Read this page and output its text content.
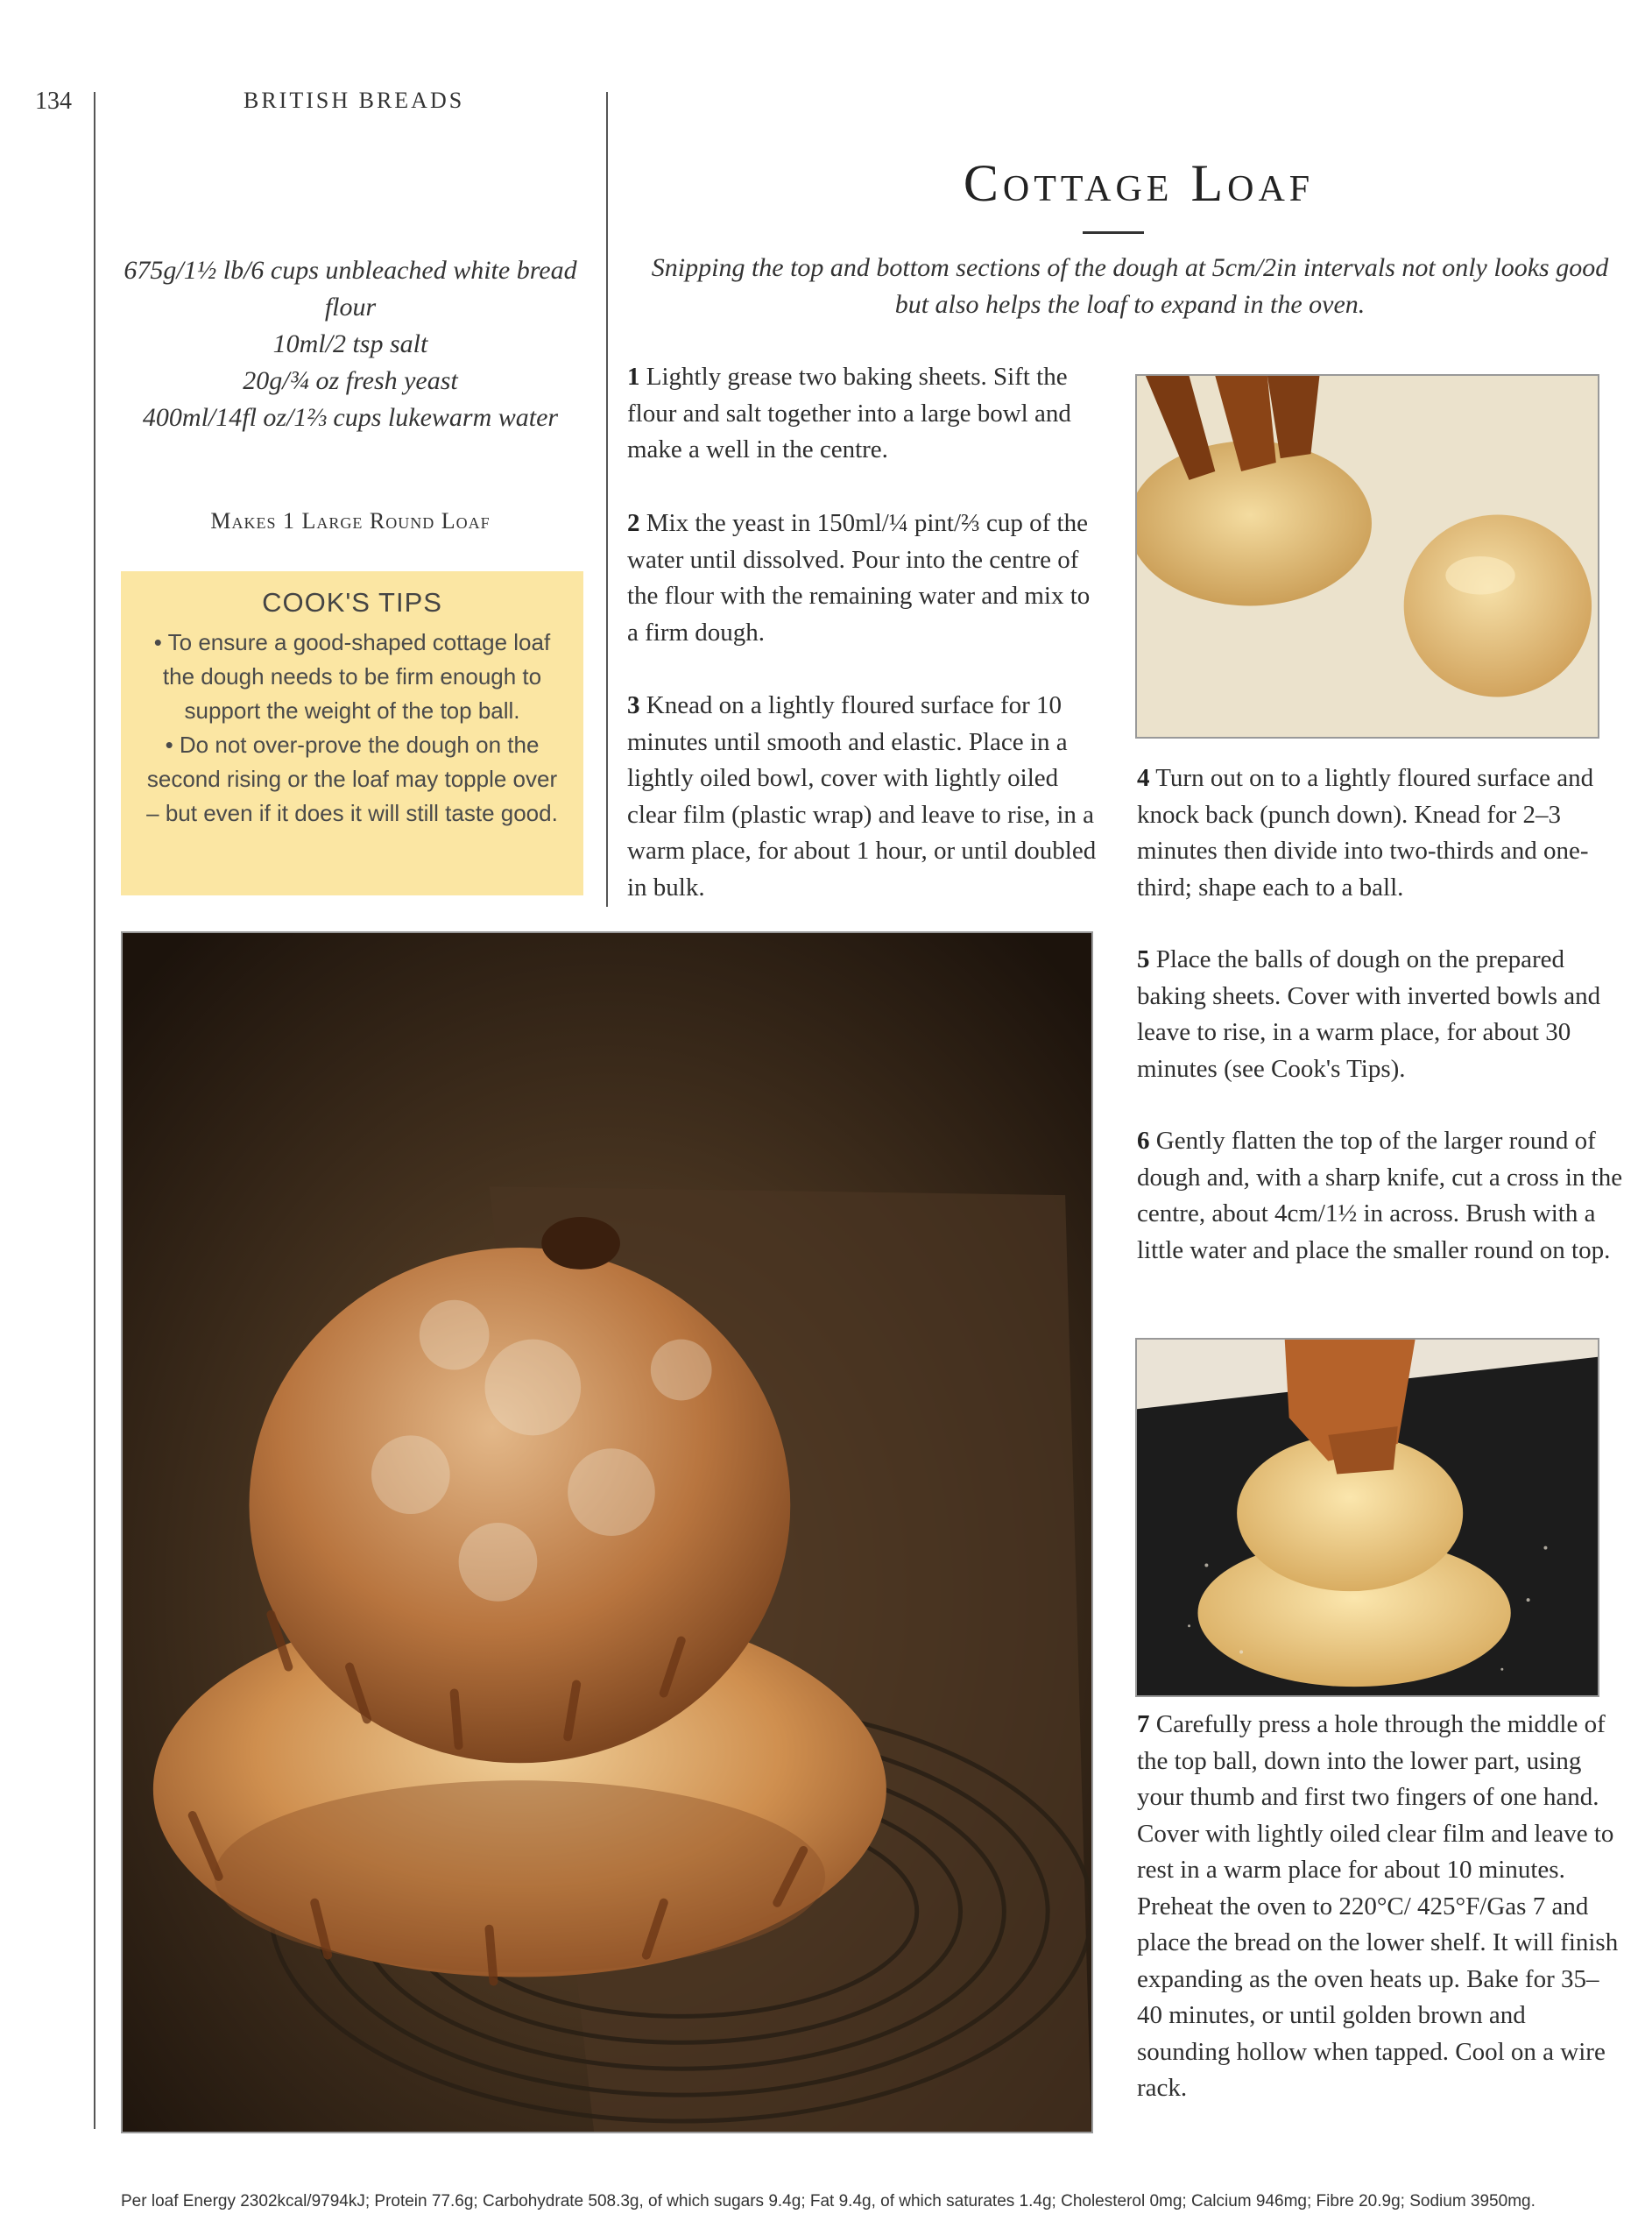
134	BRITISH BREADS
Cottage Loaf
Snipping the top and bottom sections of the dough at 5cm/2in intervals not only looks good but also helps the loaf to expand in the oven.
675g/1½ lb/6 cups unbleached white bread flour
10ml/2 tsp salt
20g/¾ oz fresh yeast
400ml/14fl oz/1⅔ cups lukewarm water
Makes 1 Large Round Loaf
COOK'S TIPS
• To ensure a good-shaped cottage loaf the dough needs to be firm enough to support the weight of the top ball.
• Do not over-prove the dough on the second rising or the loaf may topple over – but even if it does it will still taste good.
1 Lightly grease two baking sheets. Sift the flour and salt together into a large bowl and make a well in the centre.
2 Mix the yeast in 150ml/¼ pint/⅔ cup of the water until dissolved. Pour into the centre of the flour with the remaining water and mix to a firm dough.
3 Knead on a lightly floured surface for 10 minutes until smooth and elastic. Place in a lightly oiled bowl, cover with lightly oiled clear film (plastic wrap) and leave to rise, in a warm place, for about 1 hour, or until doubled in bulk.
4 Turn out on to a lightly floured surface and knock back (punch down). Knead for 2–3 minutes then divide into two-thirds and one-third; shape each to a ball.
5 Place the balls of dough on the prepared baking sheets. Cover with inverted bowls and leave to rise, in a warm place, for about 30 minutes (see Cook's Tips).
6 Gently flatten the top of the larger round of dough and, with a sharp knife, cut a cross in the centre, about 4cm/1½ in across. Brush with a little water and place the smaller round on top.
7 Carefully press a hole through the middle of the top ball, down into the lower part, using your thumb and first two fingers of one hand. Cover with lightly oiled clear film and leave to rest in a warm place for about 10 minutes. Preheat the oven to 220°C/ 425°F/Gas 7 and place the bread on the lower shelf. It will finish expanding as the oven heats up. Bake for 35–40 minutes, or until golden brown and sounding hollow when tapped. Cool on a wire rack.
Per loaf Energy 2302kcal/9794kJ; Protein 77.6g; Carbohydrate 508.3g, of which sugars 9.4g; Fat 9.4g, of which saturates 1.4g; Cholesterol 0mg; Calcium 946mg; Fibre 20.9g; Sodium 3950mg.
